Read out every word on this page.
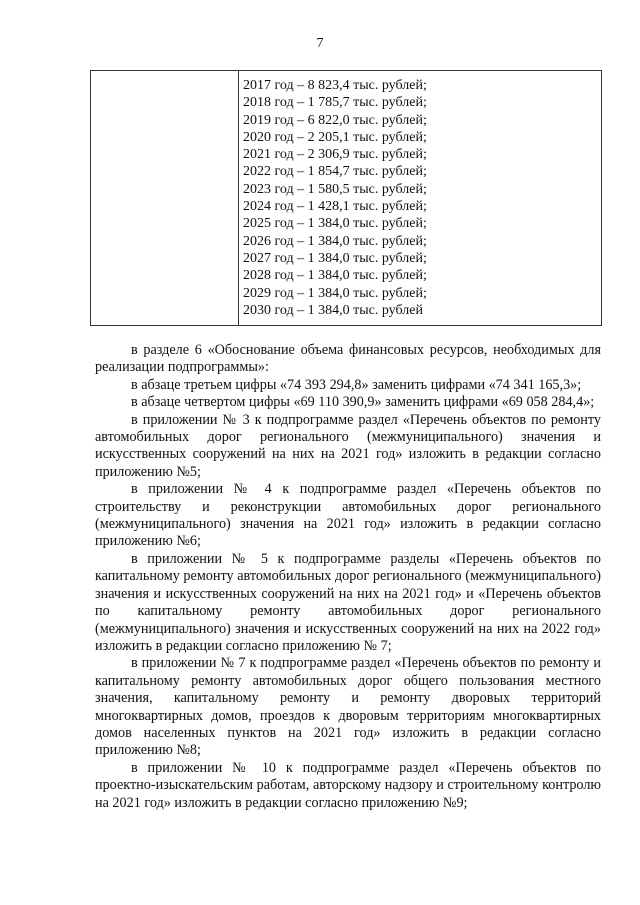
7
2017 год – 8 823,4 тыс. рублей;
2018 год – 1 785,7 тыс. рублей;
2019 год – 6 822,0 тыс. рублей;
2020 год – 2 205,1 тыс. рублей;
2021 год – 2 306,9 тыс. рублей;
2022 год – 1 854,7 тыс. рублей;
2023 год – 1 580,5 тыс. рублей;
2024 год – 1 428,1 тыс. рублей;
2025 год – 1 384,0 тыс. рублей;
2026 год – 1 384,0 тыс. рублей;
2027 год – 1 384,0 тыс. рублей;
2028 год – 1 384,0 тыс. рублей;
2029 год – 1 384,0 тыс. рублей;
2030 год – 1 384,0 тыс. рублей

в разделе 6 «Обоснование объема финансовых ресурсов, необходимых для реализации подпрограммы»:

в абзаце третьем цифры «74 393 294,8» заменить цифрами «74 341 165,3»;

в абзаце четвертом цифры «69 110 390,9» заменить цифрами «69 058 284,4»;

в приложении № 3 к подпрограмме раздел «Перечень объектов по ремонту автомобильных дорог регионального (межмуниципального) значения и искусственных сооружений на них на 2021 год» изложить в редакции согласно приложению №5;

в приложении № 4 к подпрограмме раздел «Перечень объектов по строительству и реконструкции автомобильных дорог регионального (межмуниципального) значения на 2021 год» изложить в редакции согласно приложению №6;

в приложении № 5 к подпрограмме разделы «Перечень объектов по капитальному ремонту автомобильных дорог регионального (межмуниципального) значения и искусственных сооружений на них на 2021 год» и «Перечень объектов по капитальному ремонту автомобильных дорог регионального (межмуниципального) значения и искусственных сооружений на них на 2022 год» изложить в редакции согласно приложению № 7;

в приложении № 7 к подпрограмме раздел «Перечень объектов по ремонту и капитальному ремонту автомобильных дорог общего пользования местного значения, капитальному ремонту и ремонту дворовых территорий многоквартирных домов, проездов к дворовым территориям многоквартирных домов населенных пунктов на 2021 год» изложить в редакции согласно приложению №8;

в приложении № 10 к подпрограмме раздел «Перечень объектов по проектно-изыскательским работам, авторскому надзору и строительному контролю на 2021 год» изложить в редакции согласно приложению №9;
